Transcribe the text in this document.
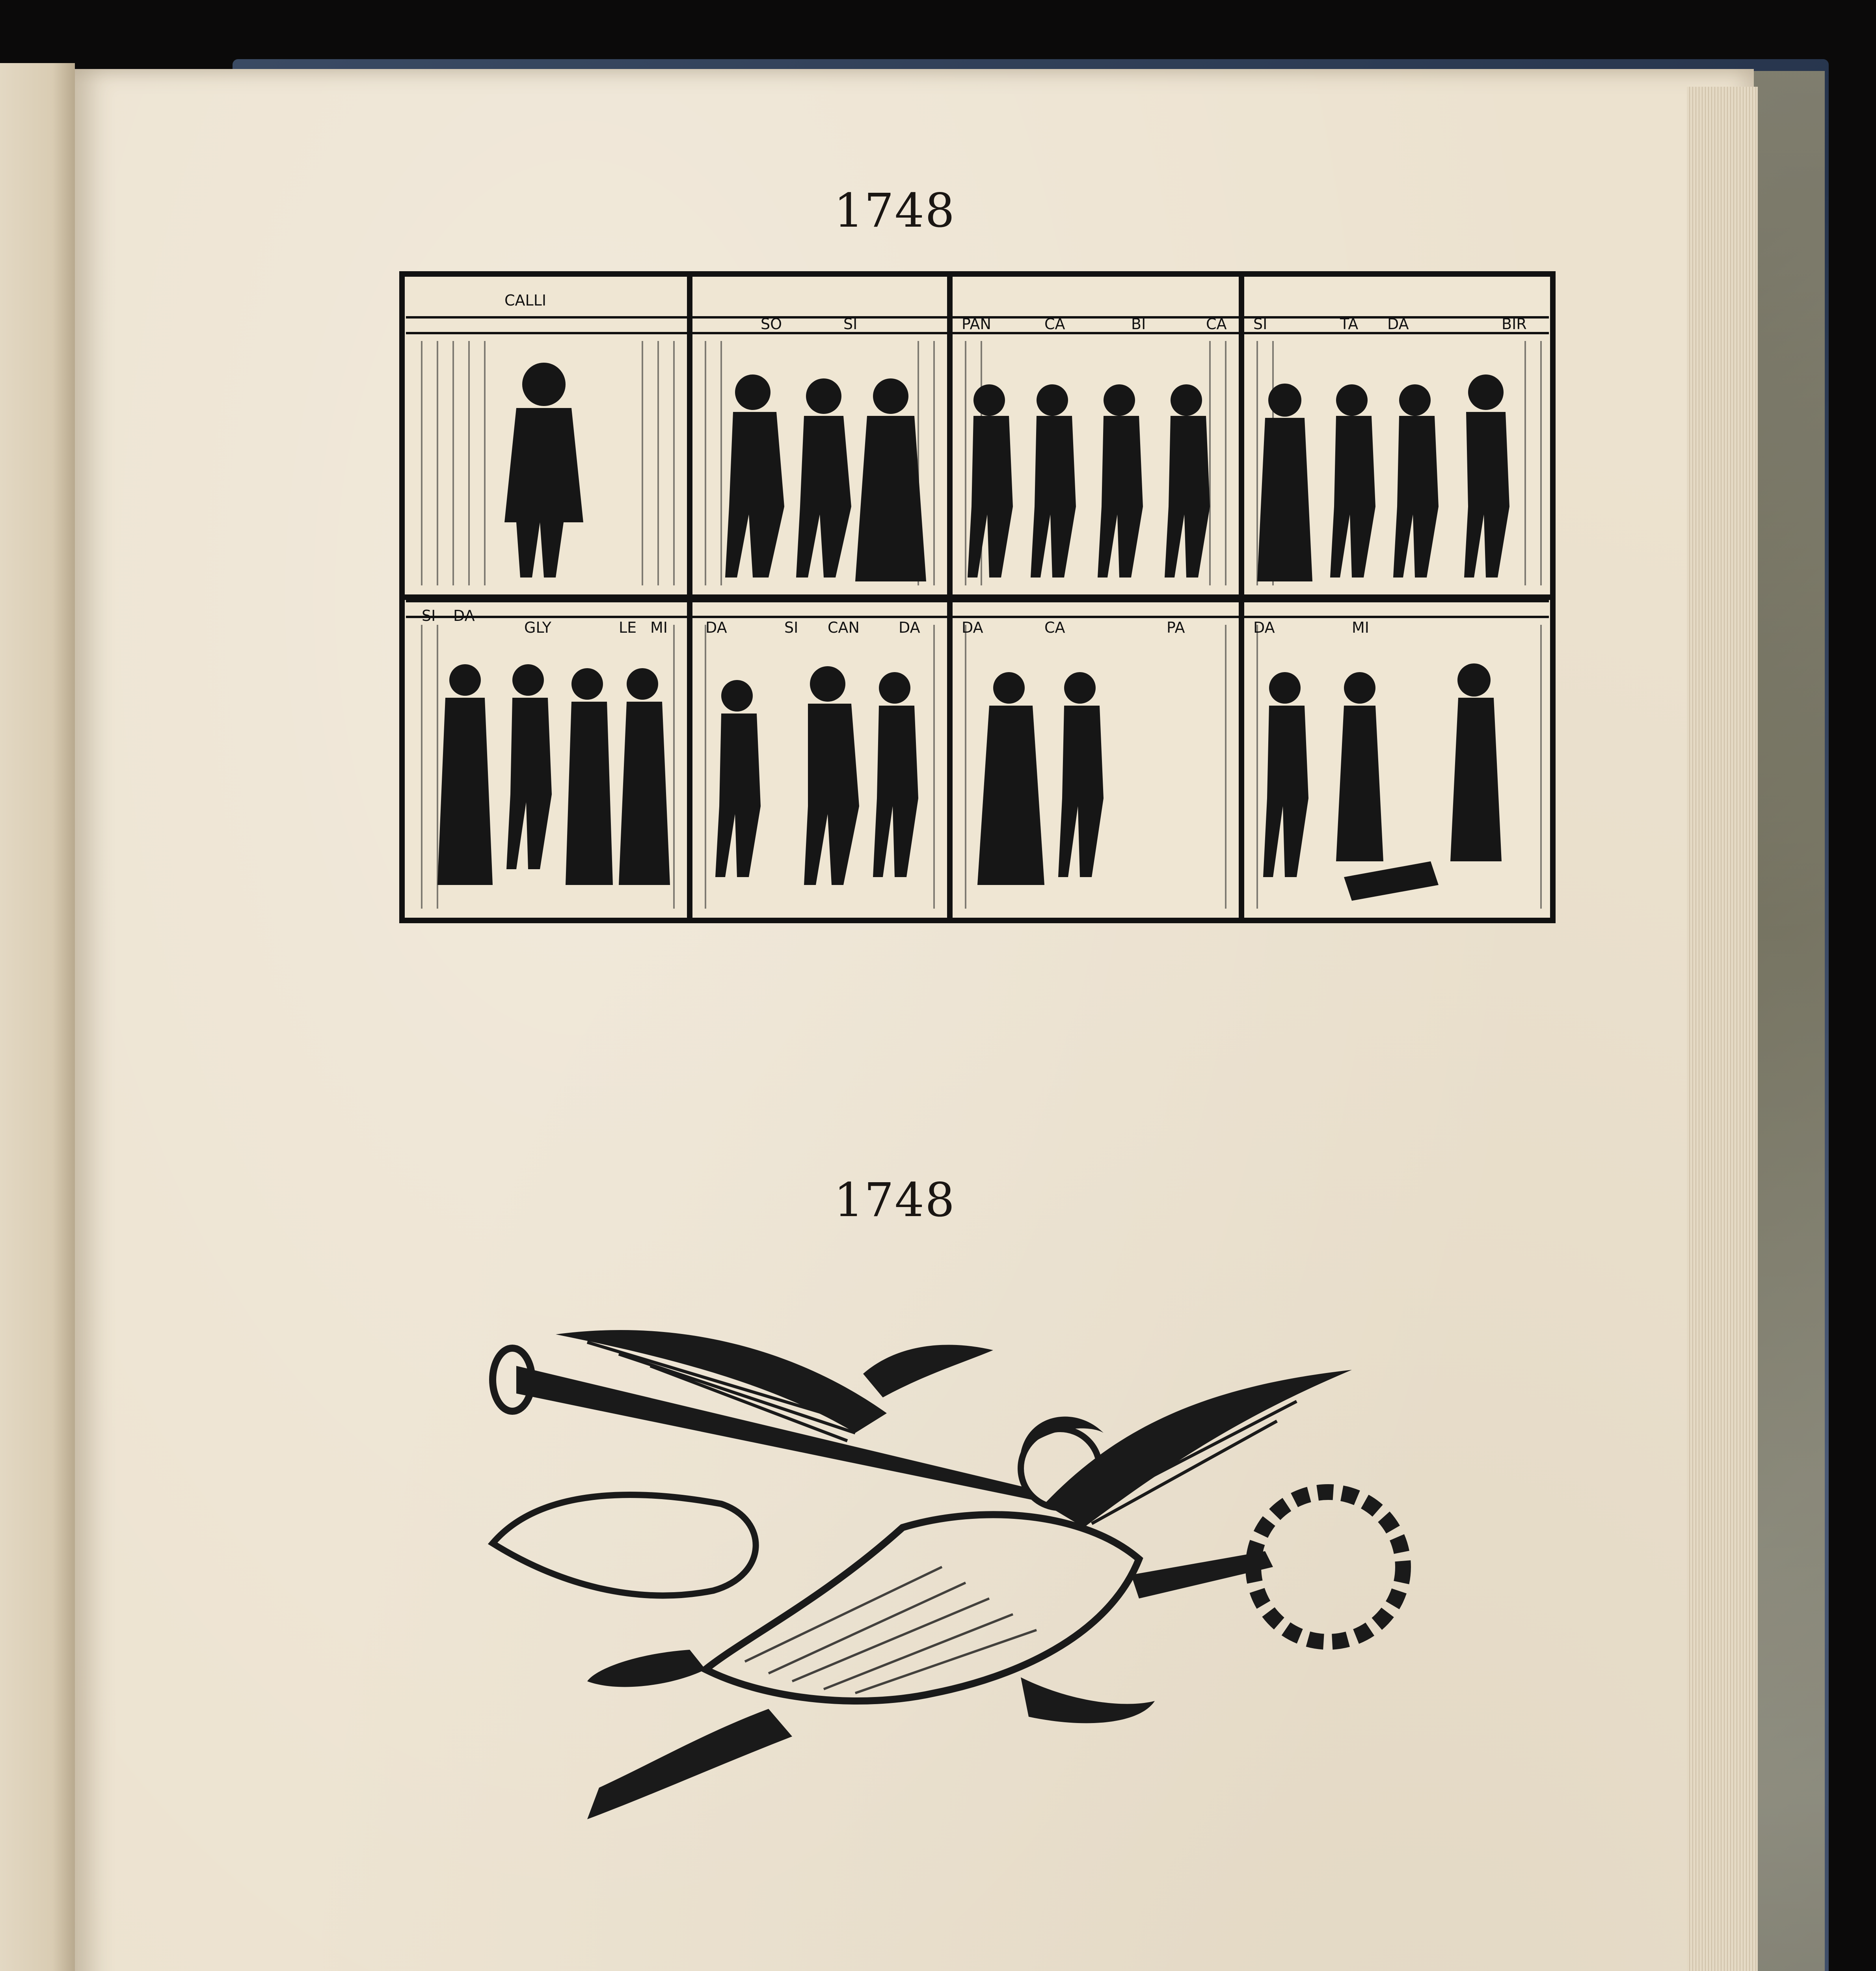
1748
CALLI
SO	SI	PAN	CA	BI	CA SI	TA DA	BIR
SI DA
GLY	LE MI	DA	SI CAN	DA	DA	CA	PA	DA	MI
1748
